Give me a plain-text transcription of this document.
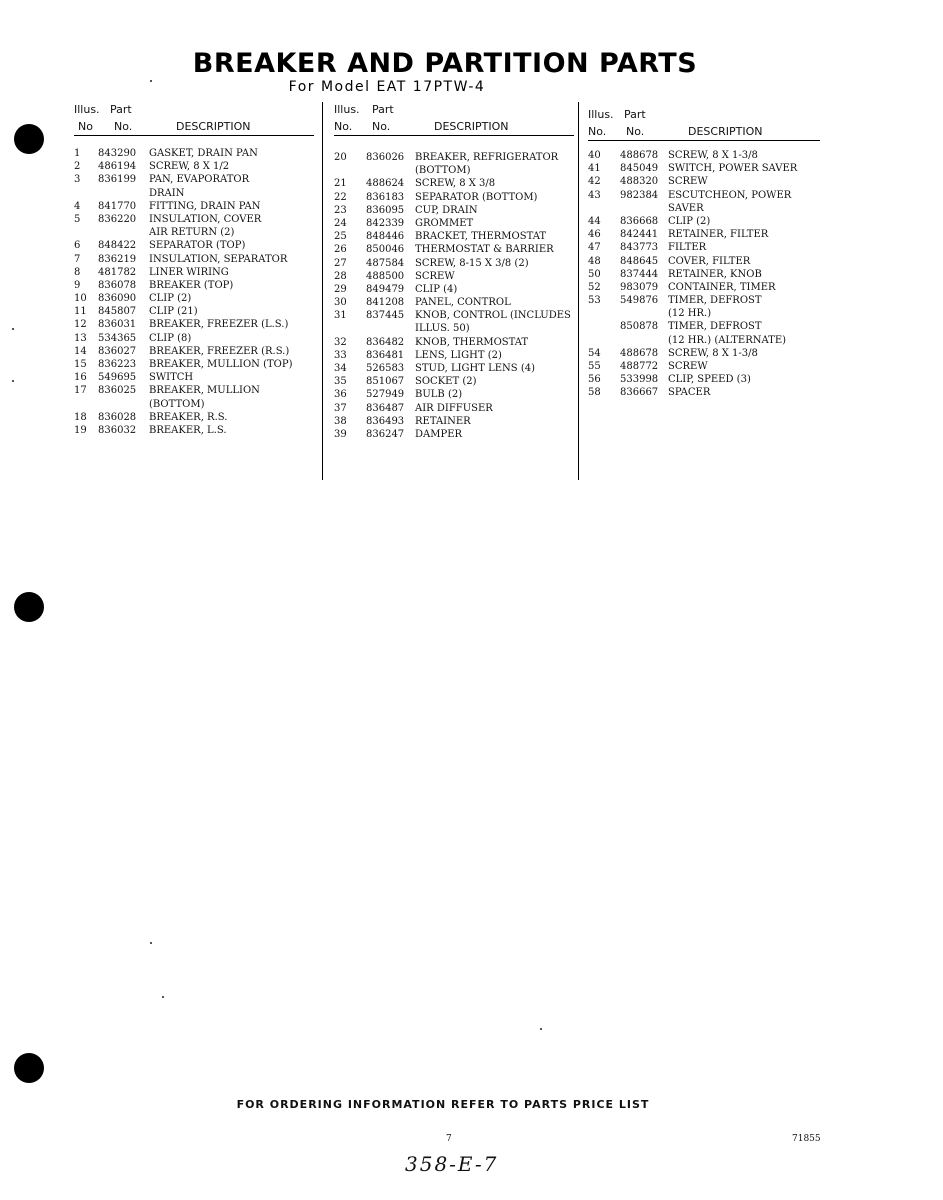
BREAKER AND PARTITION PARTS
For Model EAT 17PTW-4
Illus. Part
No No.	DESCRIPTION
1	843290 GASKET, DRAIN PAN
2	486194 SCREW, 8 X 1/2
3	836199 PAN, EVAPORATOR
DRAIN
4	841770 FITTING, DRAIN PAN
5	836220 INSULATION, COVER
AIR RETURN (2)
6	848422 SEPARATOR (TOP)
7	836219 INSULATION, SEPARATOR
8	481782 LINER WIRING
9	836078 BREAKER (TOP)
10	836090 CLIP (2)
11	845807 CLIP (21)
12	836031 BREAKER, FREEZER (L.S.)
13	534365 CLIP (8)
14	836027 BREAKER, FREEZER (R.S.)
15	836223 BREAKER, MULLION (TOP)
16	549695 SWITCH
17	836025 BREAKER, MULLION
(BOTTOM)
18	836028 BREAKER, R.S.
19	836032 BREAKER, L.S.
Illus. Part
No. No.	DESCRIPTION
20	836026 BREAKER, REFRIGERATOR
(BOTTOM)
21	488624 SCREW, 8 X 3/8
22	836183 SEPARATOR (BOTTOM)
23	836095 CUP, DRAIN
24	842339 GROMMET
25	848446 BRACKET, THERMOSTAT
26	850046 THERMOSTAT & BARRIER
27	487584 SCREW, 8-15 X 3/8 (2)
28	488500 SCREW
29	849479 CLIP (4)
30	841208 PANEL, CONTROL
31	837445 KNOB, CONTROL (INCLUDES
ILLUS. 50)
32	836482 KNOB, THERMOSTAT
33	836481 LENS, LIGHT (2)
34	526583 STUD, LIGHT LENS (4)
35	851067 SOCKET (2)
36	527949 BULB (2)
37	836487 AIR DIFFUSER
38	836493 RETAINER
39	836247 DAMPER
Illus. Part
No. No.	DESCRIPTION
40	488678 SCREW, 8 X 1-3/8
41	845049 SWITCH, POWER SAVER
42	488320 SCREW
43	982384 ESCUTCHEON, POWER
SAVER
44	836668 CLIP (2)
46	842441 RETAINER, FILTER
47	843773 FILTER
48	848645 COVER, FILTER
50	837444 RETAINER, KNOB
52	983079 CONTAINER, TIMER
53	549876 TIMER, DEFROST
(12 HR.)
850878 TIMER, DEFROST
(12 HR.) (ALTERNATE)
54	488678 SCREW, 8 X 1-3/8
55	488772 SCREW
56	533998 CLIP, SPEED (3)
58	836667 SPACER
FOR ORDERING INFORMATION REFER TO PARTS PRICE LIST
7	71855
358-E-7
